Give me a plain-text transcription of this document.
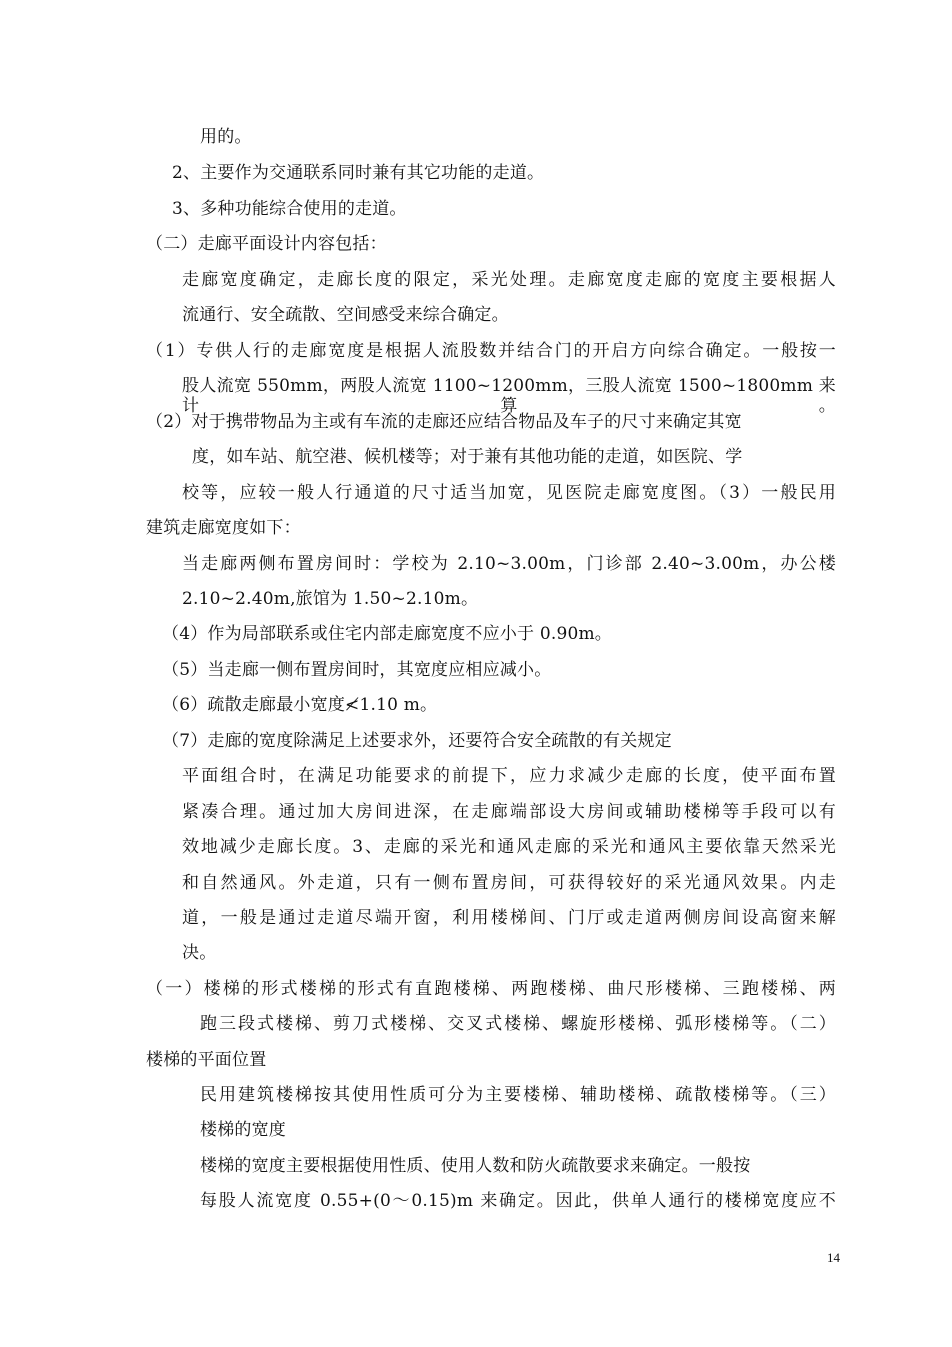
用的。

2、主要作为交通联系同时兼有其它功能的走道。

3、多种功能综合使用的走道。

（二）走廊平面设计内容包括：

走廊宽度确定，走廊长度的限定，采光处理。走廊宽度走廊的宽度主要根据人

流通行、安全疏散、空间感受来综合确定。

（1）专供人行的走廊宽度是根据人流股数并结合门的开启方向综合确定。一般按一

股人流宽 550mm，两股人流宽 1100~1200mm，三股人流宽 1500~1800mm 来计算。

（2）对于携带物品为主或有车流的走廊还应结合物品及车子的尺寸来确定其宽

度，如车站、航空港、候机楼等；对于兼有其他功能的走道，如医院、学

校等，应较一般人行通道的尺寸适当加宽，见医院走廊宽度图。（3）一般民用

建筑走廊宽度如下：

当走廊两侧布置房间时：学校为 2.10~3.00m，门诊部 2.40~3.00m，办公楼

2.10~2.40m,旅馆为 1.50~2.10m。

（4）作为局部联系或住宅内部走廊宽度不应小于 0.90m。

（5）当走廊一侧布置房间时，其宽度应相应减小。

（6）疏散走廊最小宽度≮1.10 m。

（7）走廊的宽度除满足上述要求外，还要符合安全疏散的有关规定

平面组合时，在满足功能要求的前提下，应力求减少走廊的长度，使平面布置

紧凑合理。通过加大房间进深，在走廊端部设大房间或辅助楼梯等手段可以有

效地减少走廊长度。3、走廊的采光和通风走廊的采光和通风主要依靠天然采光

和自然通风。外走道，只有一侧布置房间，可获得较好的采光通风效果。内走

道，一般是通过走道尽端开窗，利用楼梯间、门厅或走道两侧房间设高窗来解

决。

（一）楼梯的形式楼梯的形式有直跑楼梯、两跑楼梯、曲尺形楼梯、三跑楼梯、两

跑三段式楼梯、剪刀式楼梯、交叉式楼梯、螺旋形楼梯、弧形楼梯等。（二）

楼梯的平面位置

民用建筑楼梯按其使用性质可分为主要楼梯、辅助楼梯、疏散楼梯等。（三）

楼梯的宽度

楼梯的宽度主要根据使用性质、使用人数和防火疏散要求来确定。一般按

每股人流宽度 0.55+(0～0.15)m 来确定。因此，供单人通行的楼梯宽度应不

14
